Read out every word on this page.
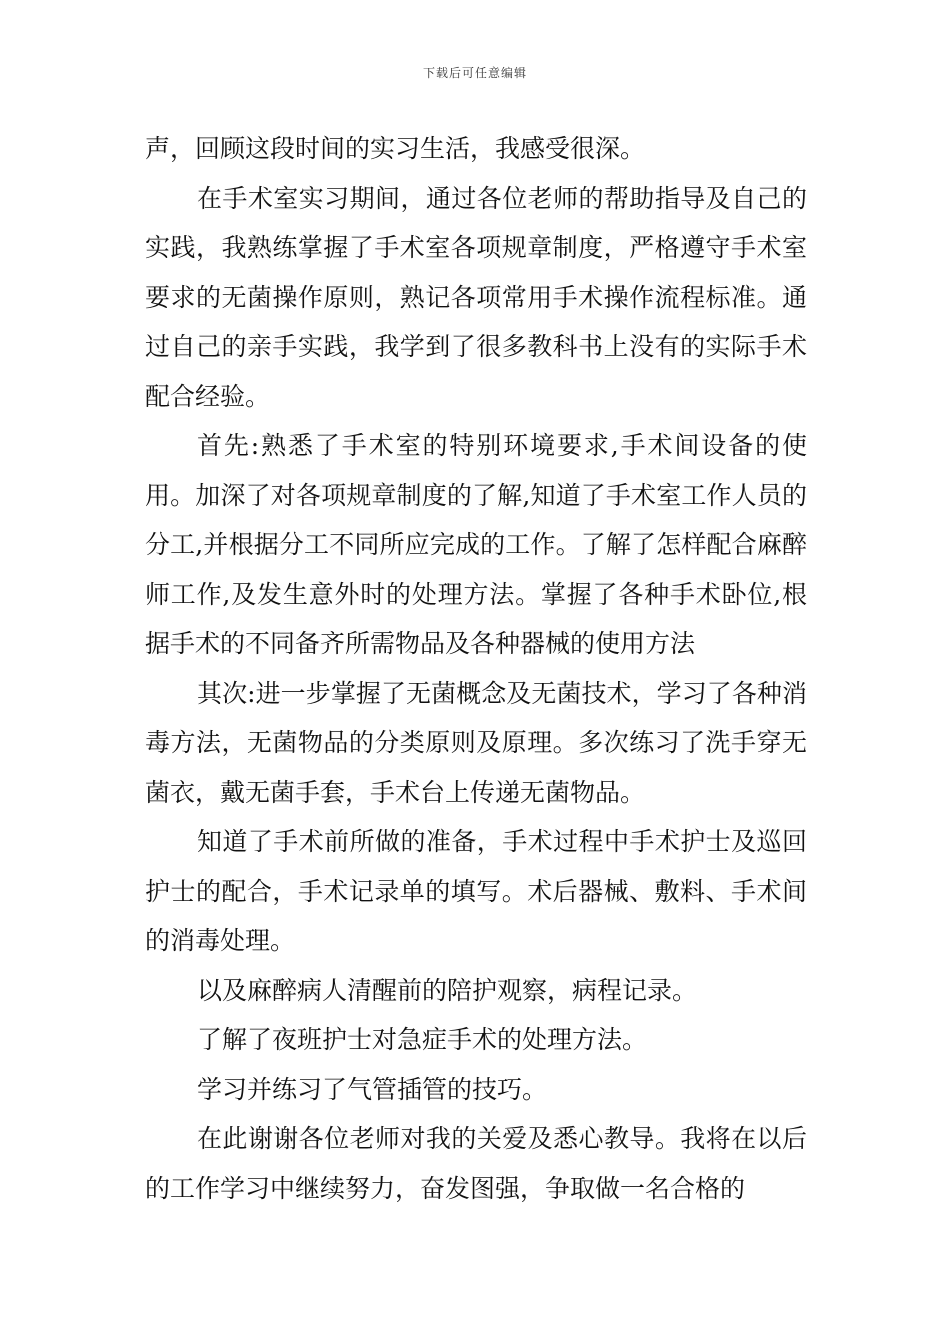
下载后可任意编辑

声，回顾这段时间的实习生活，我感受很深。

在手术室实习期间，通过各位老师的帮助指导及自己的实践，我熟练掌握了手术室各项规章制度，严格遵守手术室要求的无菌操作原则，熟记各项常用手术操作流程标准。通过自己的亲手实践，我学到了很多教科书上没有的实际手术配合经验。

首先:熟悉了手术室的特别环境要求,手术间设备的使用。加深了对各项规章制度的了解,知道了手术室工作人员的分工,并根据分工不同所应完成的工作。了解了怎样配合麻醉师工作,及发生意外时的处理方法。掌握了各种手术卧位,根据手术的不同备齐所需物品及各种器械的使用方法

其次:进一步掌握了无菌概念及无菌技术，学习了各种消毒方法，无菌物品的分类原则及原理。多次练习了洗手穿无菌衣，戴无菌手套，手术台上传递无菌物品。

知道了手术前所做的准备，手术过程中手术护士及巡回护士的配合，手术记录单的填写。术后器械、敷料、手术间的消毒处理。

以及麻醉病人清醒前的陪护观察，病程记录。

了解了夜班护士对急症手术的处理方法。

学习并练习了气管插管的技巧。

在此谢谢各位老师对我的关爱及悉心教导。我将在以后的工作学习中继续努力，奋发图强，争取做一名合格的
